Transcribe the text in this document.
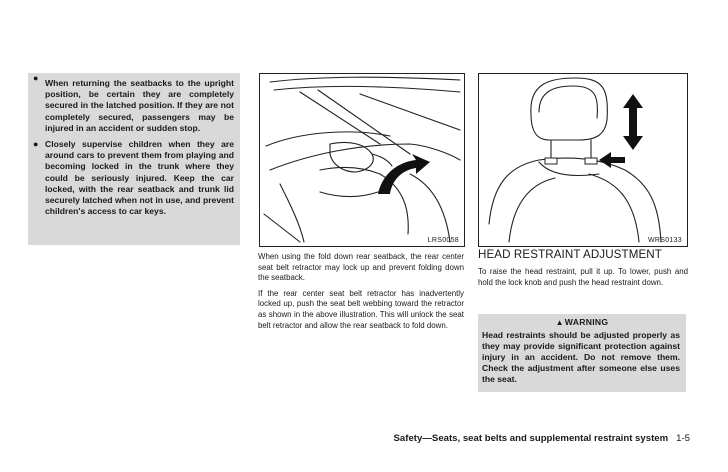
● When returning the seatbacks to the upright position, be certain they are completely secured in the latched position. If they are not completely secured, passengers may be injured in an accident or sudden stop.
● Closely supervise children when they are around cars to prevent them from playing and becoming locked in the trunk where they could be seriously injured. Keep the car locked, with the rear seatback and trunk lid securely latched when not in use, and prevent children's access to car keys.
LRS0058	WRS0133

When using the fold down rear seatback, the rear center seat belt retractor may lock up and prevent folding down the seatback.

If the rear center seat belt retractor has inadvertently locked up, push the seat belt webbing toward the retractor as shown in the above illustration. This will unlock the seat belt retractor and allow the rear seatback to fold down.

HEAD RESTRAINT ADJUSTMENT

To raise the head restraint, pull it up. To lower, push and hold the lock knob and push the head restraint down.

▲WARNING
Head restraints should be adjusted properly as they may provide significant protection against injury in an accident. Do not remove them. Check the adjustment after someone else uses the seat.
Safety—Seats, seat belts and supplemental restraint system 1-5
